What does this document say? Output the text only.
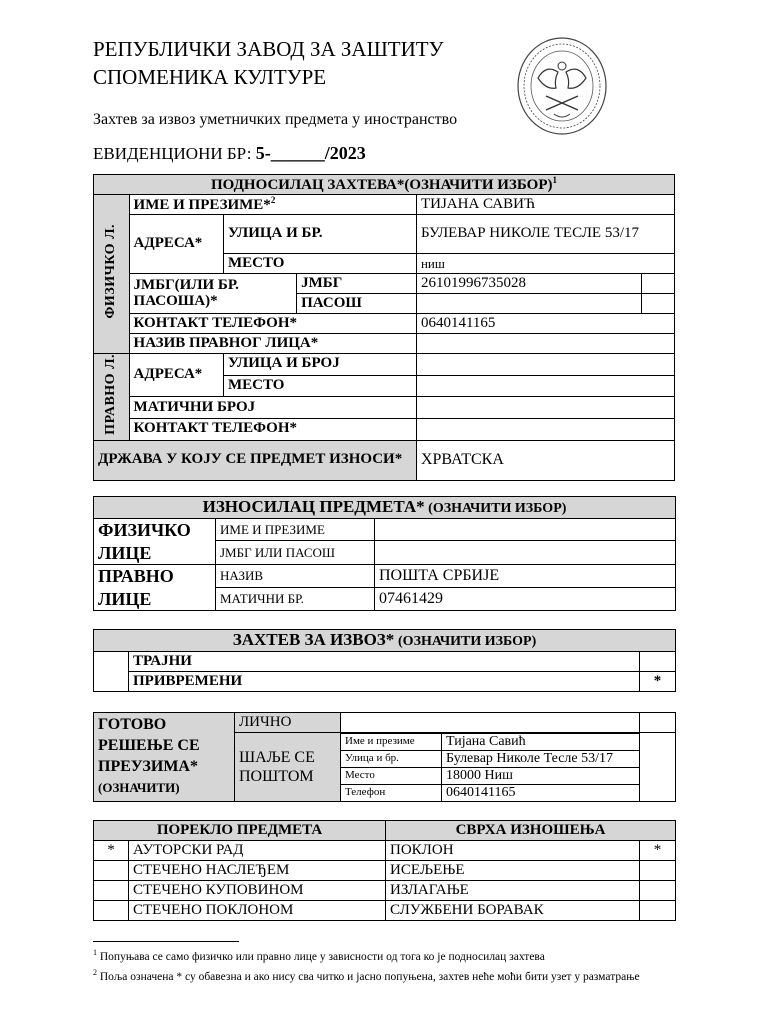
РЕПУБЛИЧКИ ЗАВОД ЗА ЗАШТИТУ
СПОМЕНИКА КУЛТУРЕ
Захтев за извоз уметничких предмета у иностранство
ЕВИДЕНЦИОНИ БР: 5-______/2023
ПОДНОСИЛАЦ ЗАХТЕВА*(ОЗНАЧИТИ ИЗБОР)$^1$
ФИЗИЧКО Л.	ИМЕ И ПРЕЗИМЕ*$^2$			ТИЈАНА САВИЋ	
	АДРЕСА*	УЛИЦА И БР.		БУЛЕВАР НИКОЛЕ ТЕСЛЕ 53/17	
		МЕСТО		ниш	
	ЈМБГ(ИЛИ БР. ПАСОША)*		ЈМБГ	26101996735028	
			ПАСОШ		
	КОНТАКТ ТЕЛЕФОН*			0640141165	
	НАЗИВ ПРАВНОГ ЛИЦА*				
ПРАВНО Л.	АДРЕСА*	УЛИЦА И БРОЈ			
		МЕСТО			
	МАТИЧНИ БРОЈ				
	КОНТАКТ ТЕЛЕФОН*				
ДРЖАВА У КОЈУ СЕ ПРЕДМЕТ ИЗНОСИ*				ХРВАТСКА	
ИЗНОСИЛАЦ ПРЕДМЕТА* (ОЗНАЧИТИ ИЗБОР)		
ФИЗИЧКО ЛИЦЕ	ИМЕ И ПРЕЗИМЕ	
	ЈМБГ ИЛИ ПАСОШ	
ПРАВНО ЛИЦЕ	НАЗИВ	ПОШТА СРБИЈЕ
	МАТИЧНИ БР.	07461429
ЗАХТЕВ ЗА ИЗВОЗ* (ОЗНАЧИТИ ИЗБОР)		
	ТРАЈНИ	
	ПРИВРЕМЕНИ	*
ГОТОВО РЕШЕЊЕ СЕ ПРЕУЗИМА*
(ОЗНАЧИТИ)	ЛИЧНО			
	ШАЉЕ СЕ ПОШТОМ			
		Име и презиме	Тијана Савић	
		Улица и бр.	Булевар Николе Тесле 53/17	
		Место	18000 Ниш	
		Телефон	0640141165	
ПОРЕКЛО ПРЕДМЕТА		СВРХА ИЗНОШЕЊА	
*	АУТОРСКИ РАД	ПОКЛОН	*
	СТЕЧЕНО НАСЛЕЂЕМ	ИСЕЉЕЊЕ	
	СТЕЧЕНО КУПОВИНОМ	ИЗЛАГАЊЕ	
	СТЕЧЕНО ПОКЛОНОМ	СЛУЖБЕНИ БОРАВАК	
$^1$ Попуњава се само физичко или правно лице у зависности од тога ко је подносилац захтева
$^2$ Поља означена * су обавезна и ако нису сва читко и јасно попуњена, захтев неће моћи бити узет у разматрање
